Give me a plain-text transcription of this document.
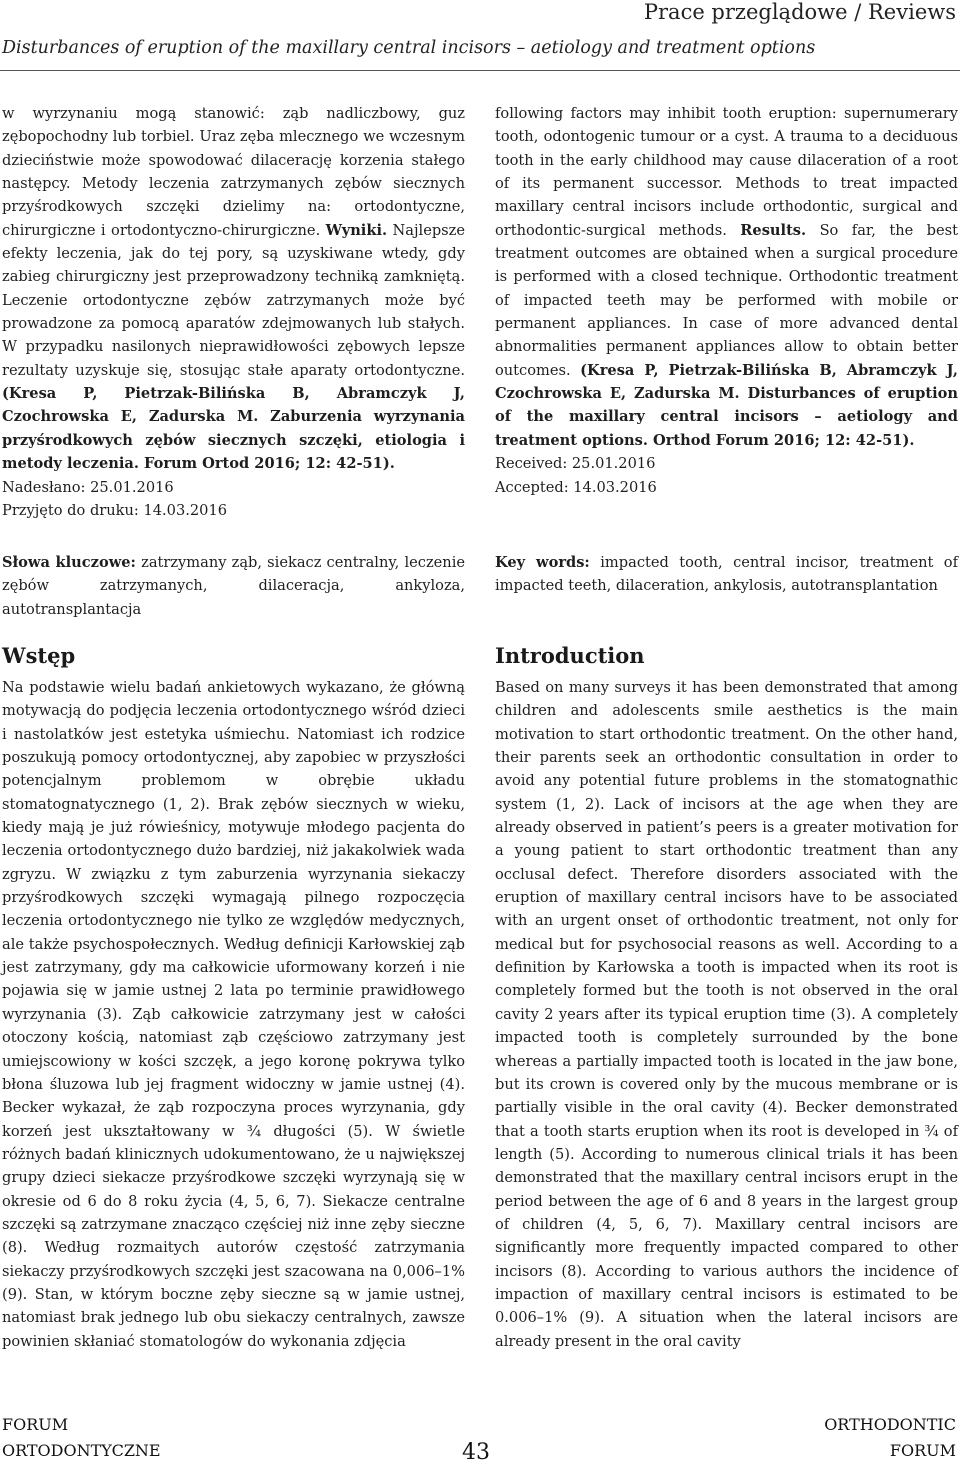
Prace przeglądowe / Reviews
Disturbances of eruption of the maxillary central incisors – aetiology and treatment options

w wyrzynaniu mogą stanowić: ząb nadliczbowy, guz zębopochodny lub torbiel. Uraz zęba mlecznego we wczesnym dzieciństwie może spowodować dilacerację korzenia stałego następcy. Metody leczenia zatrzymanych zębów siecznych przyśrodkowych szczęki dzielimy na: ortodontyczne, chirurgiczne i ortodontyczno-chirurgiczne. Wyniki. Najlepsze efekty leczenia, jak do tej pory, są uzyskiwane wtedy, gdy zabieg chirurgiczny jest przeprowadzony techniką zamkniętą. Leczenie ortodontyczne zębów zatrzymanych może być prowadzone za pomocą aparatów zdejmowanych lub stałych. W przypadku nasilonych nieprawidłowości zębowych lepsze rezultaty uzyskuje się, stosując stałe aparaty ortodontyczne. (Kresa P, Pietrzak-Bilińska B, Abramczyk J, Czochrowska E, Zadurska M. Zaburzenia wyrzynania przyśrodkowych zębów siecznych szczęki, etiologia i metody leczenia. Forum Ortod 2016; 12: 42-51).

Nadesłano: 25.01.2016

Przyjęto do druku: 14.03.2016

Słowa kluczowe: zatrzymany ząb, siekacz centralny, leczenie zębów zatrzymanych, dilaceracja, ankyloza, autotransplantacja

following factors may inhibit tooth eruption: supernumerary tooth, odontogenic tumour or a cyst. A trauma to a deciduous tooth in the early childhood may cause dilaceration of a root of its permanent successor. Methods to treat impacted maxillary central incisors include orthodontic, surgical and orthodontic-surgical methods. Results. So far, the best treatment outcomes are obtained when a surgical procedure is performed with a closed technique. Orthodontic treatment of impacted teeth may be performed with mobile or permanent appliances. In case of more advanced dental abnormalities permanent appliances allow to obtain better outcomes. (Kresa P, Pietrzak-Bilińska B, Abramczyk J, Czochrowska E, Zadurska M. Disturbances of eruption of the maxillary central incisors – aetiology and treatment options. Orthod Forum 2016; 12: 42-51).

Received: 25.01.2016

Accepted: 14.03.2016

Key words: impacted tooth, central incisor, treatment of impacted teeth, dilaceration, ankylosis, autotransplantation

Wstęp

Na podstawie wielu badań ankietowych wykazano, że główną motywacją do podjęcia leczenia ortodontycznego wśród dzieci i nastolatków jest estetyka uśmiechu. Natomiast ich rodzice poszukują pomocy ortodontycznej, aby zapobiec w przyszłości potencjalnym problemom w obrębie układu stomatognatycznego (1, 2). Brak zębów siecznych w wieku, kiedy mają je już rówieśnicy, motywuje młodego pacjenta do leczenia ortodontycznego dużo bardziej, niż jakakolwiek wada zgryzu. W związku z tym zaburzenia wyrzynania siekaczy przyśrodkowych szczęki wymagają pilnego rozpoczęcia leczenia ortodontycznego nie tylko ze względów medycznych, ale także psychospołecznych. Według definicji Karłowskiej ząb jest zatrzymany, gdy ma całkowicie uformowany korzeń i nie pojawia się w jamie ustnej 2 lata po terminie prawidłowego wyrzynania (3). Ząb całkowicie zatrzymany jest w całości otoczony kością, natomiast ząb częściowo zatrzymany jest umiejscowiony w kości szczęk, a jego koronę pokrywa tylko błona śluzowa lub jej fragment widoczny w jamie ustnej (4). Becker wykazał, że ząb rozpoczyna proces wyrzynania, gdy korzeń jest ukształtowany w ¾ długości (5). W świetle różnych badań klinicznych udokumentowano, że u największej grupy dzieci siekacze przyśrodkowe szczęki wyrzynają się w okresie od 6 do 8 roku życia (4, 5, 6, 7). Siekacze centralne szczęki są zatrzymane znacząco częściej niż inne zęby sieczne (8). Według rozmaitych autorów częstość zatrzymania siekaczy przyśrodkowych szczęki jest szacowana na 0,006–1% (9). Stan, w którym boczne zęby sieczne są w jamie ustnej, natomiast brak jednego lub obu siekaczy centralnych, zawsze powinien skłaniać stomatologów do wykonania zdjęcia

Introduction

Based on many surveys it has been demonstrated that among children and adolescents smile aesthetics is the main motivation to start orthodontic treatment. On the other hand, their parents seek an orthodontic consultation in order to avoid any potential future problems in the stomatognathic system (1, 2). Lack of incisors at the age when they are already observed in patient’s peers is a greater motivation for a young patient to start orthodontic treatment than any occlusal defect. Therefore disorders associated with the eruption of maxillary central incisors have to be associated with an urgent onset of orthodontic treatment, not only for medical but for psychosocial reasons as well. According to a definition by Karłowska a tooth is impacted when its root is completely formed but the tooth is not observed in the oral cavity 2 years after its typical eruption time (3). A completely impacted tooth is completely surrounded by the bone whereas a partially impacted tooth is located in the jaw bone, but its crown is covered only by the mucous membrane or is partially visible in the oral cavity (4). Becker demonstrated that a tooth starts eruption when its root is developed in ¾ of length (5). According to numerous clinical trials it has been demonstrated that the maxillary central incisors erupt in the period between the age of 6 and 8 years in the largest group of children (4, 5, 6, 7). Maxillary central incisors are significantly more frequently impacted compared to other incisors (8). According to various authors the incidence of impaction of maxillary central incisors is estimated to be 0.006–1% (9). A situation when the lateral incisors are already present in the oral cavity

FORUM
ORTODONTYCZNE	43
ORTHODONTIC
FORUM
